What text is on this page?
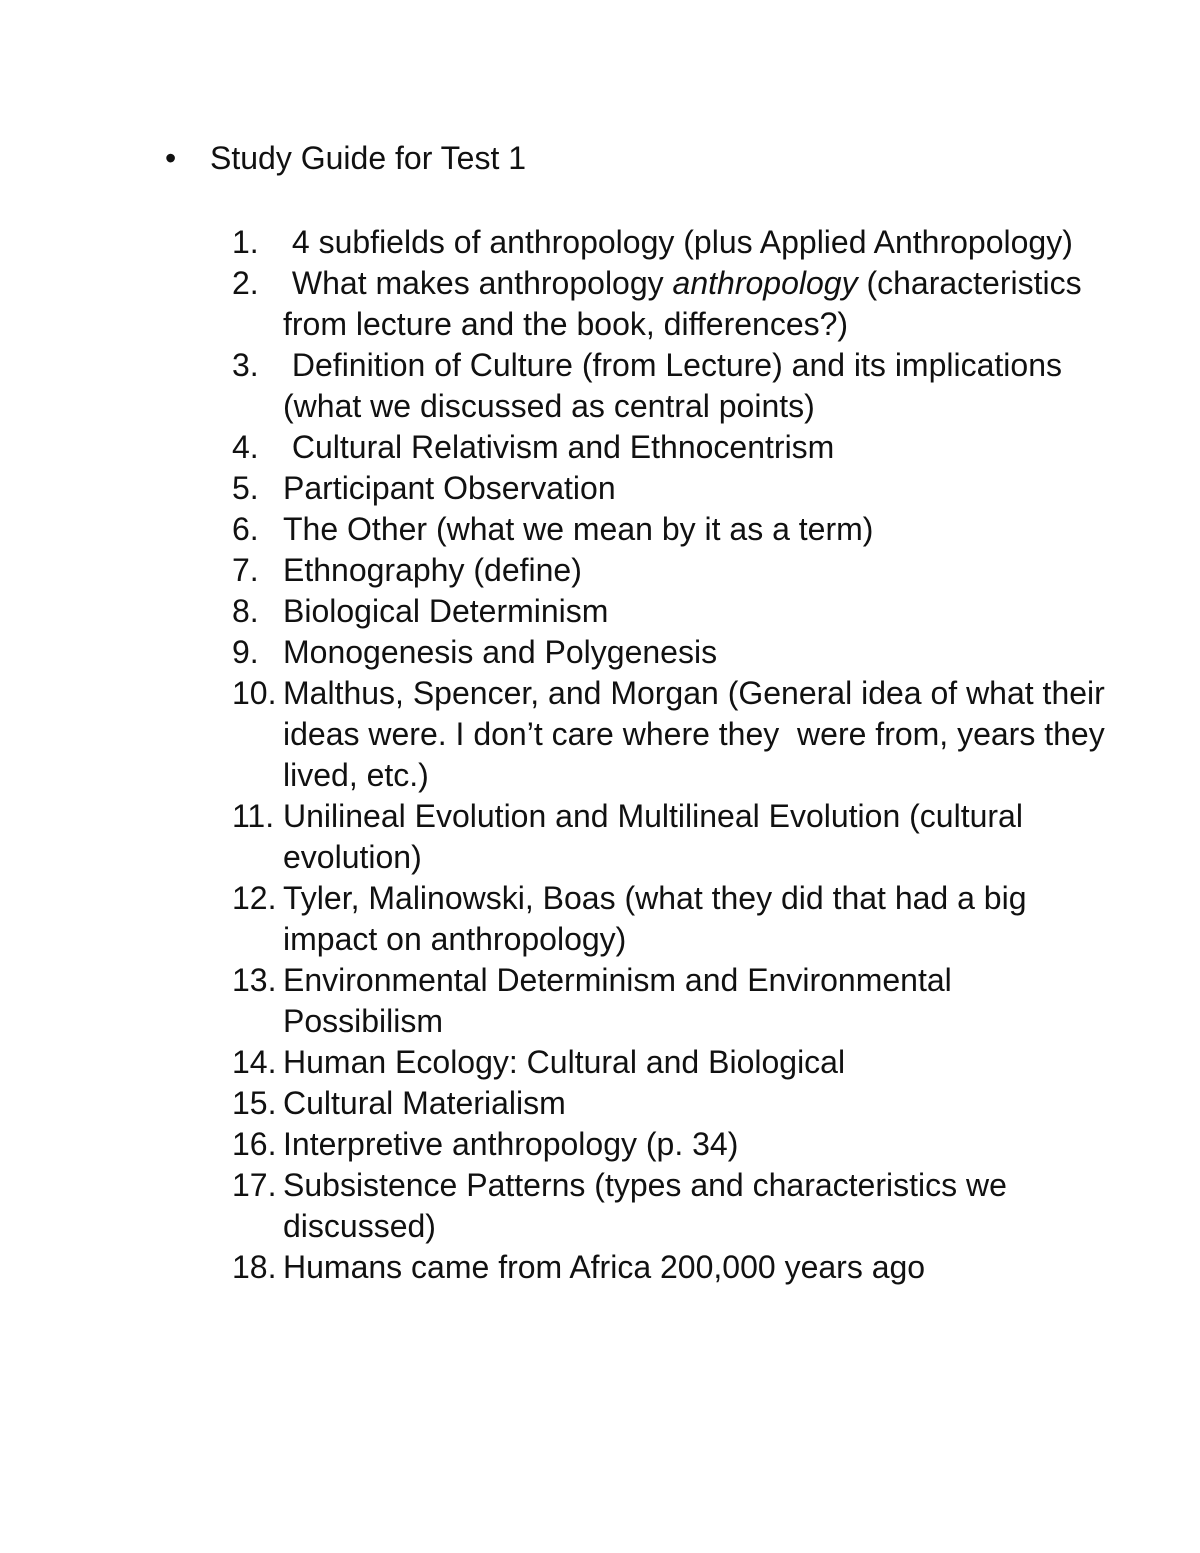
•	Study Guide for Test 1
1. 4 subfields of anthropology (plus Applied Anthropology)
2. What makes anthropology anthropology (characteristics from lecture and the book, differences?)
3. Definition of Culture (from Lecture) and its implications (what we discussed as central points)
4. Cultural Relativism and Ethnocentrism
5. Participant Observation
6. The Other (what we mean by it as a term)
7. Ethnography (define)
8. Biological Determinism
9. Monogenesis and Polygenesis
10. Malthus, Spencer, and Morgan (General idea of what their ideas were. I don’t care where they  were from, years they lived, etc.)
11. Unilineal Evolution and Multilineal Evolution (cultural evolution)
12. Tyler, Malinowski, Boas (what they did that had a big impact on anthropology)
13. Environmental Determinism and Environmental Possibilism
14. Human Ecology: Cultural and Biological
15. Cultural Materialism
16. Interpretive anthropology (p. 34)
17. Subsistence Patterns (types and characteristics we discussed)
18. Humans came from Africa 200,000 years ago
